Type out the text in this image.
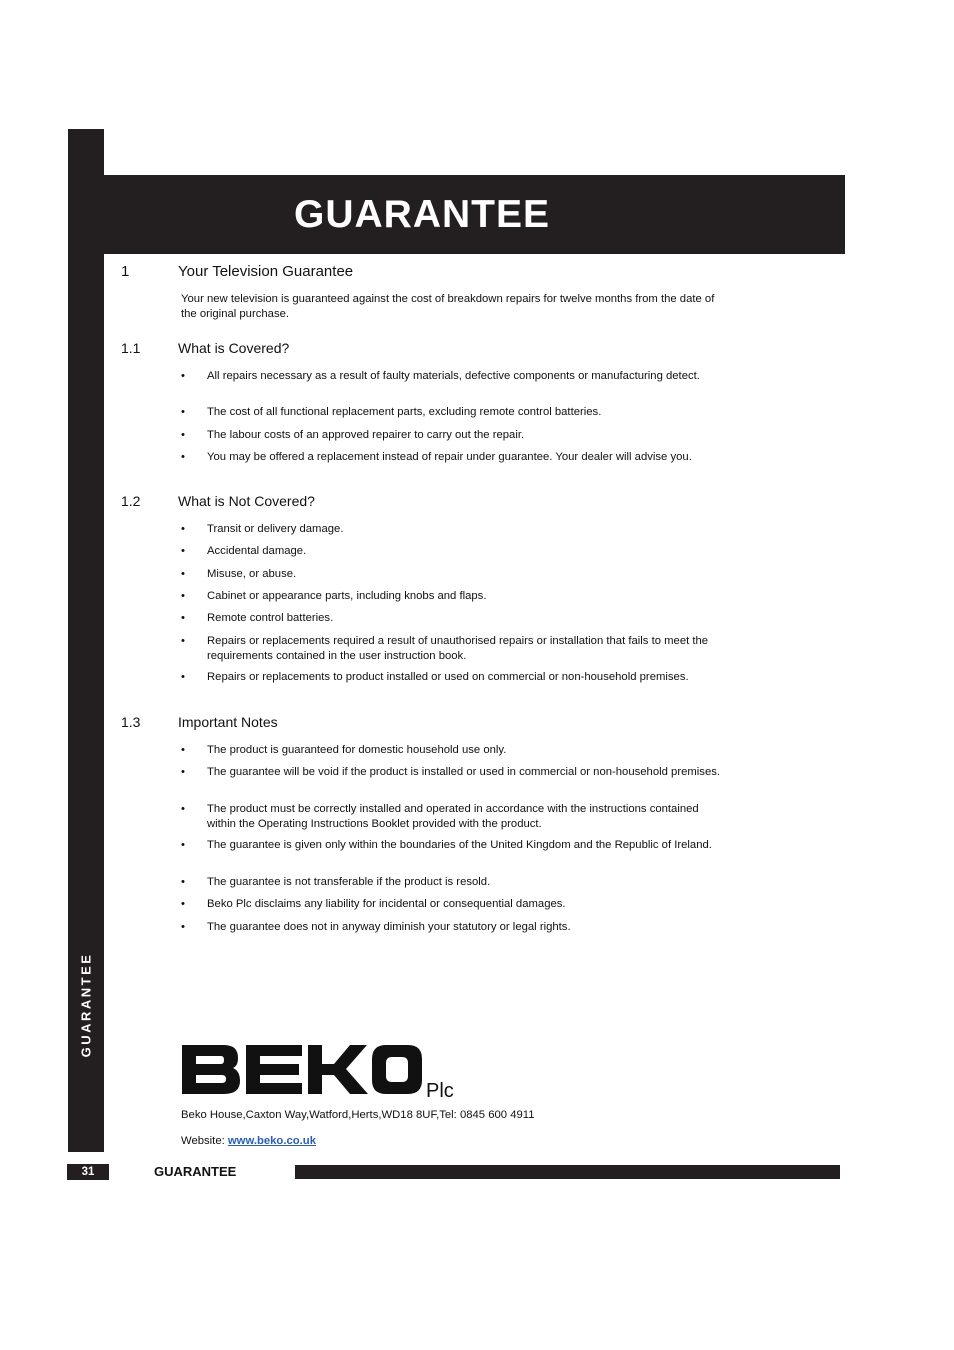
GUARANTEE
GUARANTEE
1	Your Television Guarantee
Your new television is guaranteed against the cost of breakdown repairs for twelve months from the date of the original purchase.
1.1	What is Covered?
• All repairs necessary as a result of faulty materials, defective components or manufacturing detect.
• The cost of all functional replacement parts, excluding remote control batteries.
• The labour costs of an approved repairer to carry out the repair.
• You may be offered a replacement instead of repair under guarantee. Your dealer will advise you.
1.2	What is Not Covered?
• Transit or delivery damage.
• Accidental damage.
• Misuse, or abuse.
• Cabinet or appearance parts, including knobs and flaps.
• Remote control batteries.
• Repairs or replacements required a result of unauthorised repairs or installation that fails to meet the requirements contained in the user instruction book.
• Repairs or replacements to product installed or used on commercial or non-household premises.
1.3	Important Notes
• The product is guaranteed for domestic household use only.
• The guarantee will be void if the product is installed or used in commercial or non-household premises.
• The product must be correctly installed and operated in accordance with the instructions contained within the Operating Instructions Booklet provided with the product.
• The guarantee is given only within the boundaries of the United Kingdom and the Republic of Ireland.
• The guarantee is not transferable if the product is resold.
• Beko Plc disclaims any liability for incidental or consequential damages.
• The guarantee does not in anyway diminish your statutory or legal rights.
Plc
Beko House,Caxton Way,Watford,Herts,WD18 8UF,Tel: 0845 600 4911
Website: www.beko.co.uk
31	GUARANTEE
